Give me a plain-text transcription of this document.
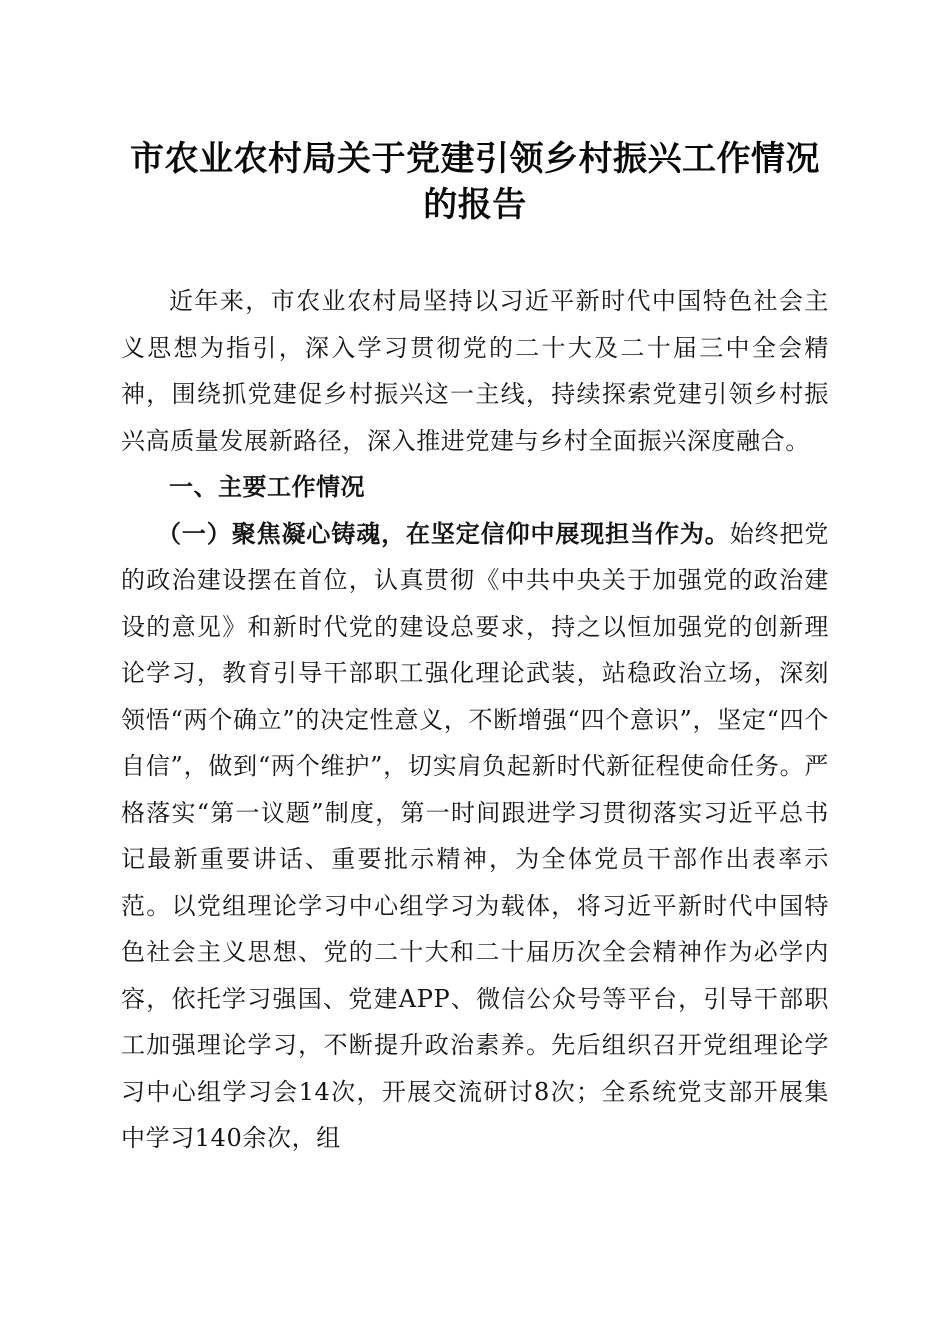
市农业农村局关于党建引领乡村振兴工作情况
的报告

近年来，市农业农村局坚持以习近平新时代中国特色社会主义思想为指引，深入学习贯彻党的二十大及二十届三中全会精神，围绕抓党建促乡村振兴这一主线，持续探索党建引领乡村振兴高质量发展新路径，深入推进党建与乡村全面振兴深度融合。

一、主要工作情况

（一）聚焦凝心铸魂，在坚定信仰中展现担当作为。始终把党的政治建设摆在首位，认真贯彻《中共中央关于加强党的政治建设的意见》和新时代党的建设总要求，持之以恒加强党的创新理论学习，教育引导干部职工强化理论武装，站稳政治立场，深刻领悟“两个确立”的决定性意义，不断增强“四个意识”，坚定“四个自信”，做到“两个维护”，切实肩负起新时代新征程使命任务。严格落实“第一议题”制度，第一时间跟进学习贯彻落实习近平总书记最新重要讲话、重要批示精神，为全体党员干部作出表率示范。以党组理论学习中心组学习为载体，将习近平新时代中国特色社会主义思想、党的二十大和二十届历次全会精神作为必学内容，依托学习强国、党建APP、微信公众号等平台，引导干部职工加强理论学习，不断提升政治素养。先后组织召开党组理论学习中心组学习会14次，开展交流研讨8次；全系统党支部开展集中学习140余次，组
